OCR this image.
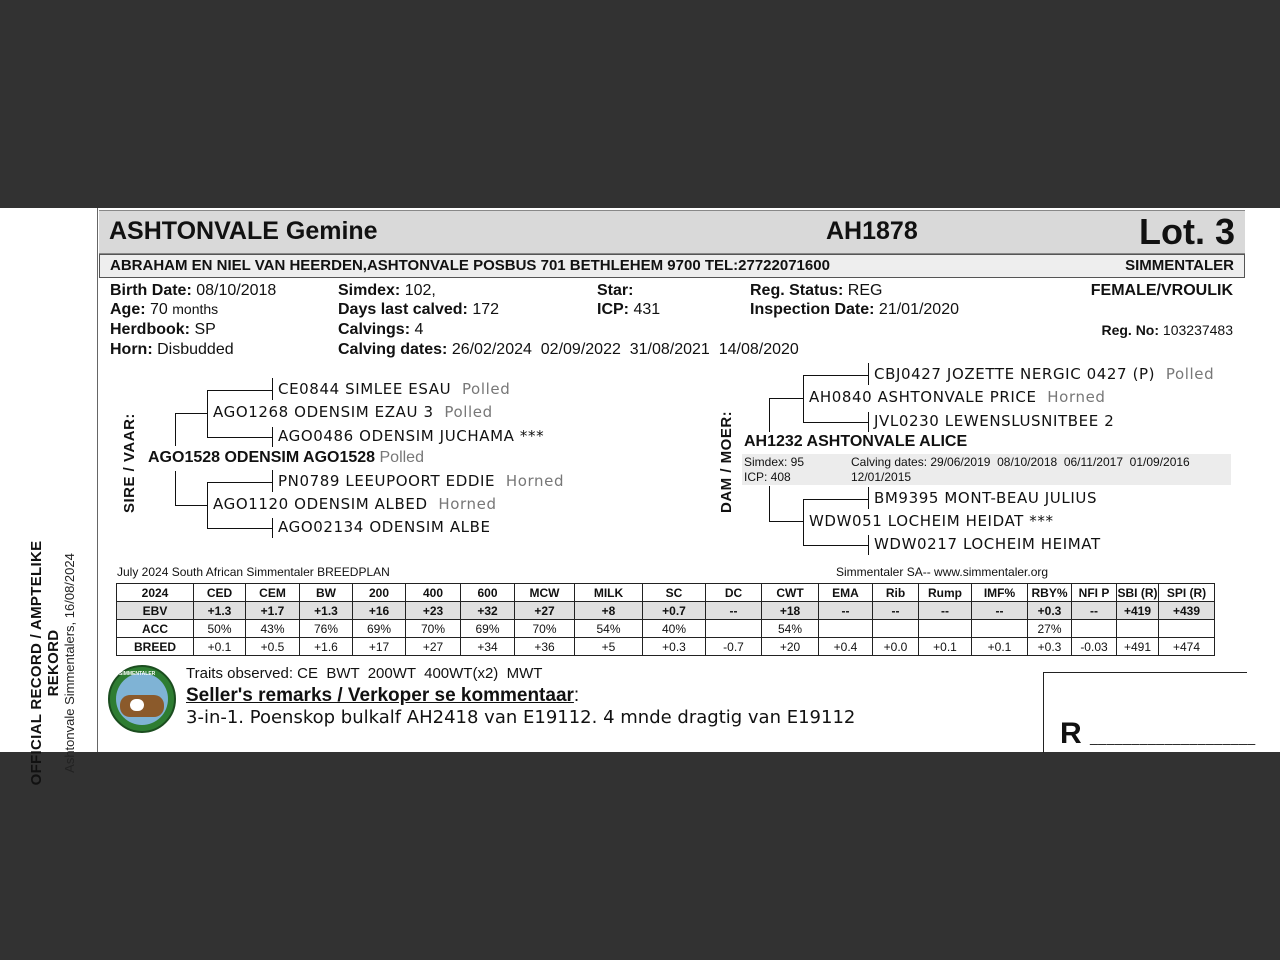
OFFICIAL RECORD / AMPTELIKE REKORD Ashtonvale Simmentalers, 16/08/2024
ASHTONVALE Gemine	AH1878	Lot. 3
ABRAHAM EN NIEL VAN HEERDEN,ASHTONVALE POSBUS 701 BETHLEHEM 9700 TEL:27722071600	SIMMENTALER
Birth Date: 08/10/2018
Age: 70 months
Herdbook: SP
Horn: Disbudded
Simdex: 102,
Days last calved: 172
Calvings: 4
Calving dates: 26/02/2024  02/09/2022  31/08/2021  14/08/2020
Star:
ICP: 431
Reg. Status: REG
Inspection Date: 21/01/2020
FEMALE/VROULIK
Reg. No: 103237483
SIRE / VAAR:
CE0844 SIMLEE ESAU Polled
AGO1268 ODENSIM EZAU 3 Polled
AGO0486 ODENSIM JUCHAMA ***
AGO1528 ODENSIM AGO1528 Polled
PN0789 LEEUPOORT EDDIE Horned
AGO1120 ODENSIM ALBED Horned
AGO02134 ODENSIM ALBE
DAM / MOER:
CBJ0427 JOZETTE NERGIC 0427 (P) Polled
AH0840 ASHTONVALE PRICE Horned
JVL0230 LEWENSLUSNITBEE 2
AH1232 ASHTONVALE ALICE
Simdex: 95
ICP: 408
Calving dates: 29/06/2019  08/10/2018  06/11/2017  01/09/2016
12/01/2015
BM9395 MONT-BEAU JULIUS
WDW051 LOCHEIM HEIDAT ***
WDW0217 LOCHEIM HEIMAT
July 2024 South African Simmentaler BREEDPLAN	Simmentaler SA-- www.simmentaler.org
2024	CED	CEM	BW	200	400	600	MCW	MILK	SC	DC	CWT	EMA	Rib	Rump	IMF%	RBY%	NFI P	SBI (R)	SPI (R)
EBV	+1.3	+1.7	+1.3	+16	+23	+32	+27	+8	+0.7	--	+18	--	--	--	--	+0.3	--	+419	+439
ACC	50%	43%	76%	69%	70%	69%	70%	54%	40%		54%					27%			
BREED	+0.1	+0.5	+1.6	+17	+27	+34	+36	+5	+0.3	-0.7	+20	+0.4	+0.0	+0.1	+0.1	+0.3	-0.03	+491	+474
SIMMENTALER Traits observed: CE  BWT  200WT  400WT(x2)  MWT
Seller's remarks / Verkoper se kommentaar:
3-in-1. Poenskop bulkalf AH2418 van E19112. 4 mnde dragtig van E19112	R ____________________
